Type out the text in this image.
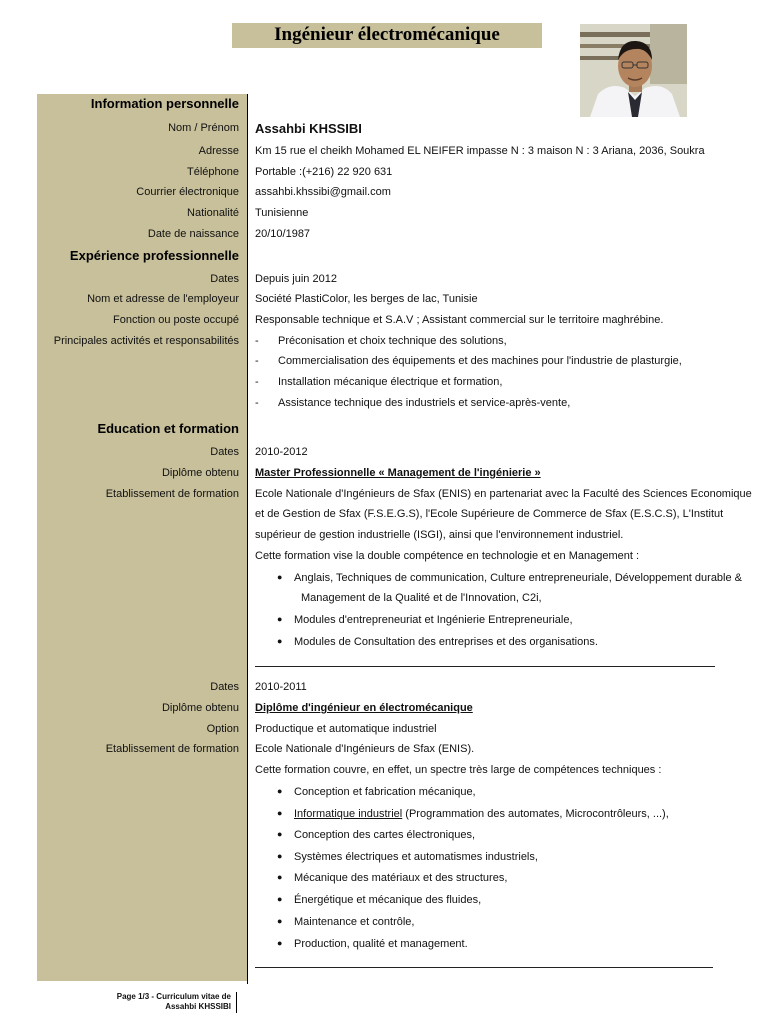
Ingénieur électromécanique
Information personnelle
Nom / Prénom Assahbi KHSSIBI
Adresse Km 15 rue el cheikh Mohamed EL NEIFER impasse N : 3 maison N : 3 Ariana, 2036, Soukra
Téléphone Portable :(+216) 22 920 631
Courrier électronique assahbi.khssibi@gmail.com
Nationalité Tunisienne
Date de naissance 20/10/1987
Expérience professionnelle
Dates Depuis juin 2012
Nom et adresse de l'employeur Société PlastiColor, les berges de lac, Tunisie
Fonction ou poste occupé Responsable technique et S.A.V ; Assistant commercial sur le territoire maghrébine.
Principales activités et responsabilités - Préconisation et choix technique des solutions,
- Commercialisation des équipements et des machines pour l'industrie de plasturgie,
- Installation mécanique électrique et formation,
- Assistance technique des industriels et service-après-vente,
Education et formation
Dates 2010-2012
Diplôme obtenu Master Professionnelle « Management de l'ingénierie »
Etablissement de formation Ecole Nationale d'Ingénieurs de Sfax (ENIS) en partenariat avec la Faculté des Sciences Economique
et de Gestion de Sfax (F.S.E.G.S), l'Ecole Supérieure de Commerce de Sfax (E.S.C.S), L'Institut
supérieur de gestion industrielle (ISGI), ainsi que l'environnement industriel.
Cette formation vise la double compétence en technologie et en Management :
● Anglais, Techniques de communication, Culture entrepreneuriale, Développement durable &
Management de la Qualité et de l'Innovation, C2i,
● Modules d'entrepreneuriat et Ingénierie Entrepreneuriale,
● Modules de Consultation des entreprises et des organisations.
Dates 2010-2011
Diplôme obtenu Diplôme d'ingénieur en électromécanique
Option Productique et automatique industriel
Etablissement de formation Ecole Nationale d'Ingénieurs de Sfax (ENIS).
Cette formation couvre, en effet, un spectre très large de compétences techniques :
● Conception et fabrication mécanique,
● Informatique industriel (Programmation des automates, Microcontrôleurs, ...),
● Conception des cartes électroniques,
● Systèmes électriques et automatismes industriels,
● Mécanique des matériaux et des structures,
● Énergétique et mécanique des fluides,
● Maintenance et contrôle,
● Production, qualité et management.
Page 1/3 - Curriculum vitae de
Assahbi KHSSIBI
